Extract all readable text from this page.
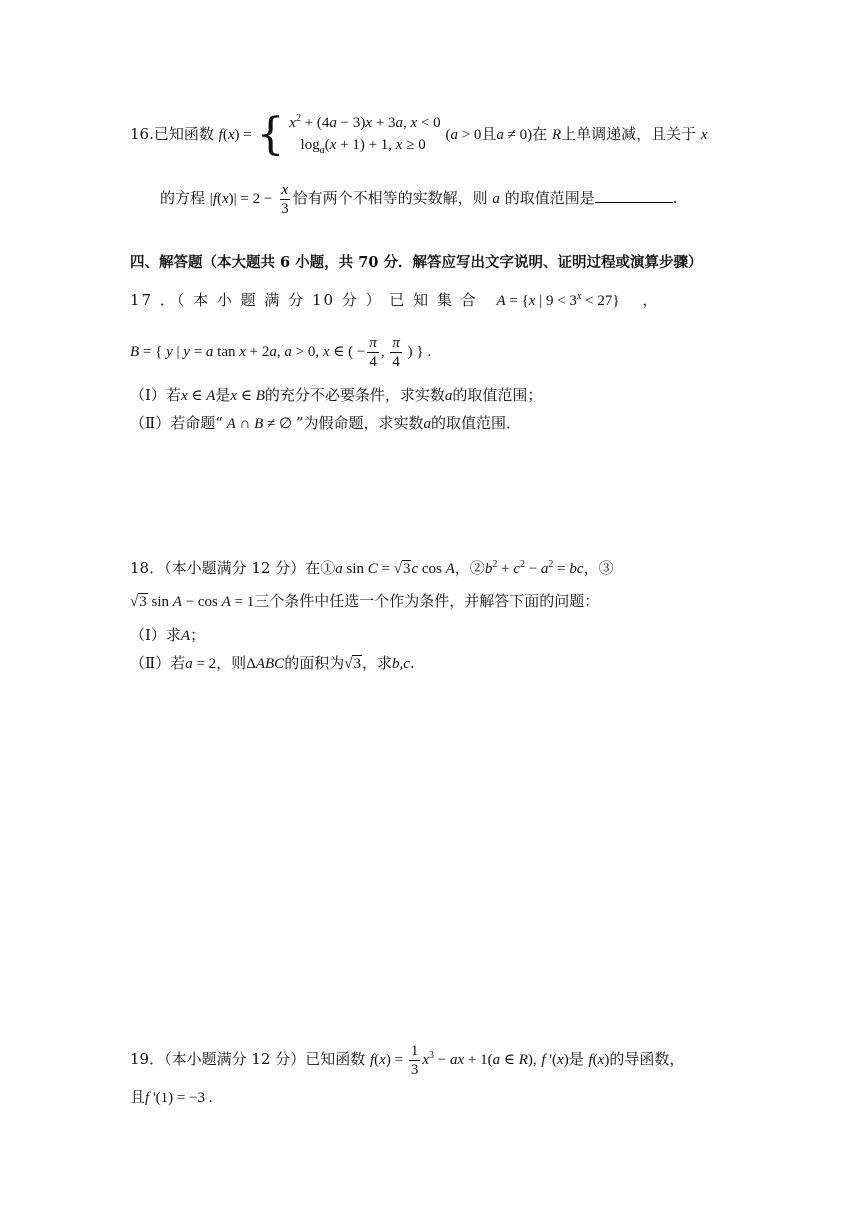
16.已知函数 f(x) = { $x^2 + (4a - 3)x + 3a$, x < 0
$\log_a(x + 1) + 1$, x ≥ 0
(a > 0且a ≠ 0)在 R上单调递减，且关于 x
的方程 $|f(x)| = 2 - \frac{x}{3}$ 恰有两个不相等的实数解，则 a 的取值范围是	.
四、解答题（本大题共 6 小题，共 70 分．解答应写出文字说明、证明过程或演算步骤）
17 ．（ 本 小 题 满 分 10 分 ） 已 知 集 合 A = {x | $9 < 3^x < 27$} ，
B = { y | y = a tan x + 2a, a > 0, x ∈ ( − $\frac{\pi}{4}$ , $\frac{\pi}{4}$ ) } .
（Ⅰ）若x ∈ A是x ∈ B的充分不必要条件，求实数a的取值范围；
（Ⅱ）若命题“ A ∩ B ≠ ∅ ”为假命题，求实数a的取值范围．
18．（本小题满分 12 分）在①a sin C = √3c cos A，$②b^2 + c^2 - a^2$ = bc，③
√3 sin A − cos A = 1三个条件中任选一个作为条件，并解答下面的问题：
（Ⅰ）求A；
（Ⅱ）若a = 2，则ΔABC的面积为√3，求b,c.
19．（本小题满分 12 分）已知函数 $f(x) = \frac{1}{3} x^3$ − ax + 1(a ∈ R), f '(x)是 f(x)的导函数，
且f '(1) = −3 .
